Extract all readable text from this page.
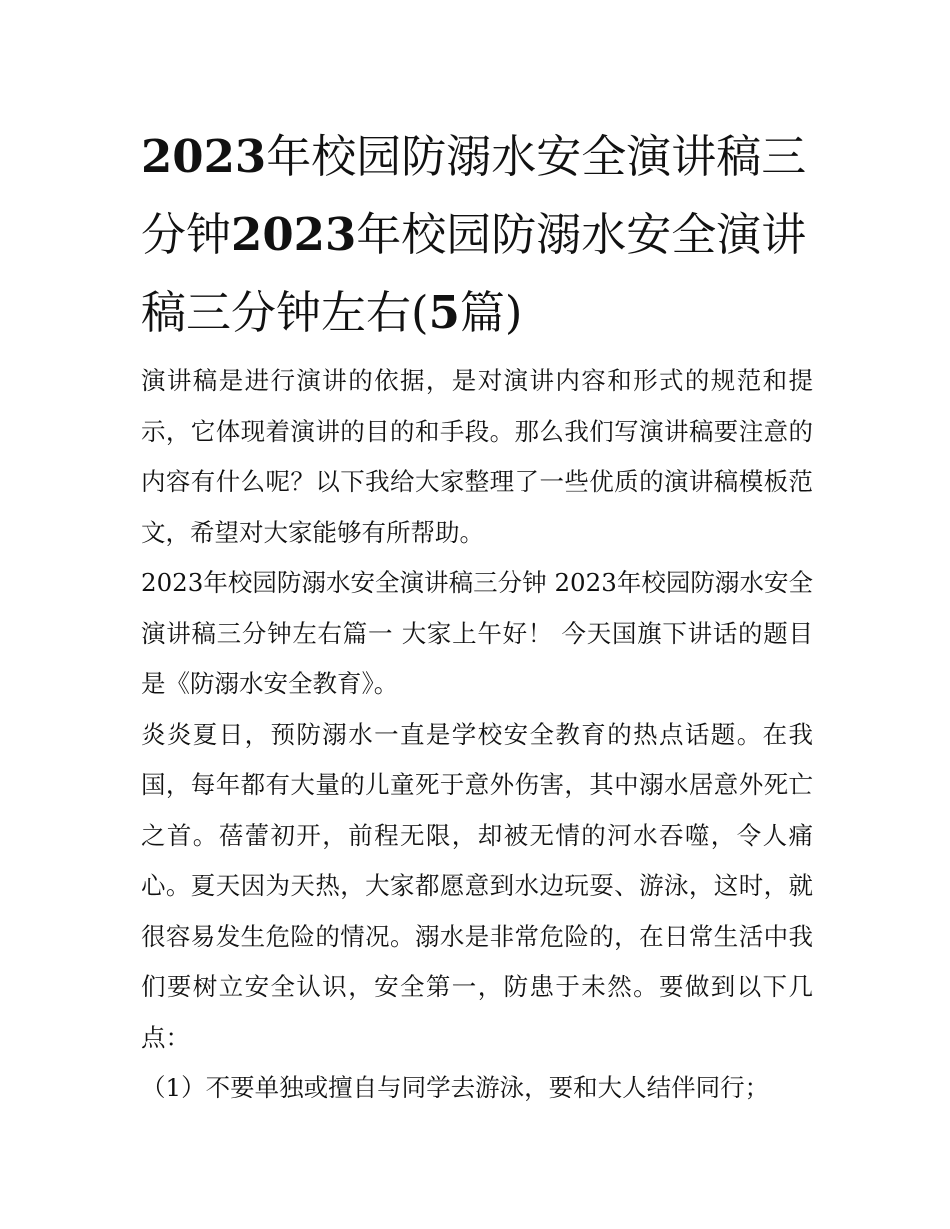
2023年校园防溺水安全演讲稿三分钟2023年校园防溺水安全演讲稿三分钟左右(5篇)

演讲稿是进行演讲的依据，是对演讲内容和形式的规范和提示，它体现着演讲的目的和手段。那么我们写演讲稿要注意的内容有什么呢？以下我给大家整理了一些优质的演讲稿模板范文，希望对大家能够有所帮助。

2023年校园防溺水安全演讲稿三分钟 2023年校园防溺水安全演讲稿三分钟左右篇一 大家上午好！ 今天国旗下讲话的题目是《防溺水安全教育》。

炎炎夏日，预防溺水一直是学校安全教育的热点话题。在我国，每年都有大量的儿童死于意外伤害，其中溺水居意外死亡之首。蓓蕾初开，前程无限，却被无情的河水吞噬，令人痛心。夏天因为天热，大家都愿意到水边玩耍、游泳，这时，就很容易发生危险的情况。溺水是非常危险的，在日常生活中我们要树立安全认识，安全第一，防患于未然。要做到以下几点：

（1）不要单独或擅自与同学去游泳，要和大人结伴同行；
